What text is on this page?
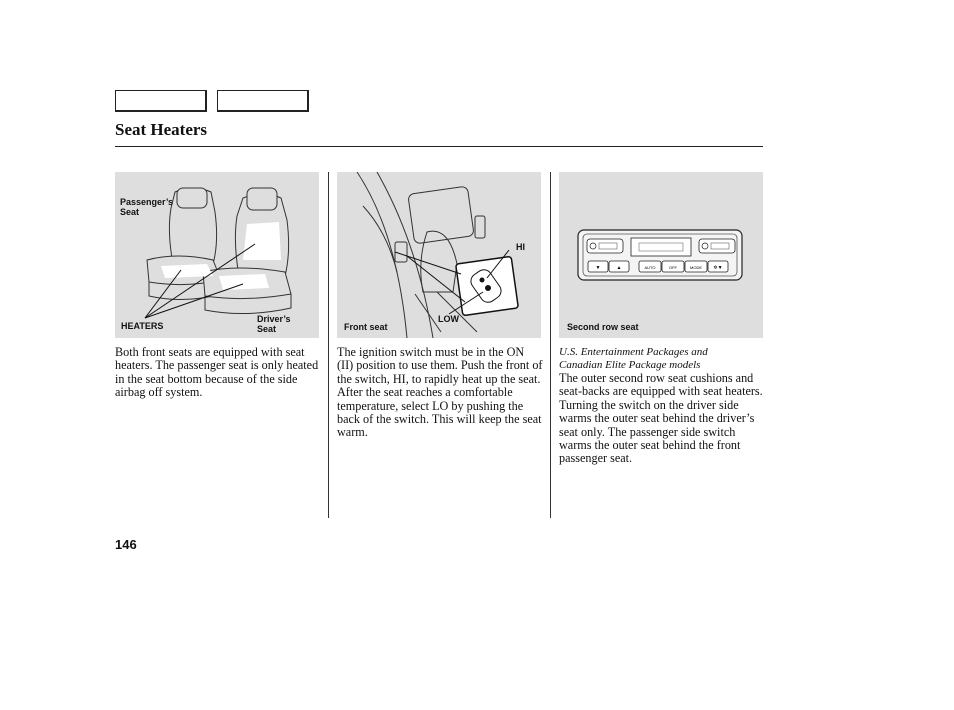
Seat Heaters
Passenger’s
Seat
HEATERS
Driver’s
Seat
HI
LOW
Front seat
▼	▲	AUTO	OFF	MODE ✲▼
Second row seat
Both front seats are equipped with seat heaters. The passenger seat is only heated in the seat bottom because of the side airbag off system.
The ignition switch must be in the ON (II) position to use them. Push the front of the switch, HI, to rapidly heat up the seat. After the seat reaches a comfortable temperature, select LO by pushing the back of the switch. This will keep the seat warm.
U.S. Entertainment Packages and
Canadian Elite Package models
The outer second row seat cushions and seat-backs are equipped with seat heaters. Turning the switch on the driver side warms the outer seat behind the driver’s seat only. The passenger side switch warms the outer seat behind the front passenger seat.
146
